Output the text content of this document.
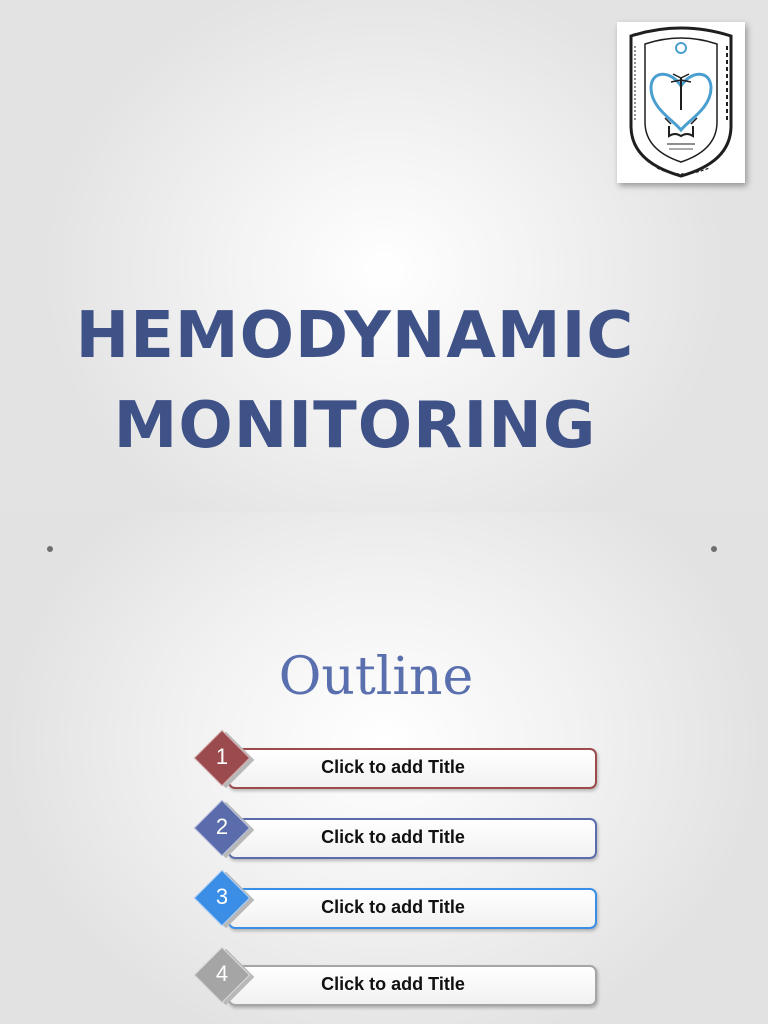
HEMODYNAMIC
MONITORING
Outline
1	Click to add Title
2	Click to add Title
3	Click to add Title
4	Click to add Title
